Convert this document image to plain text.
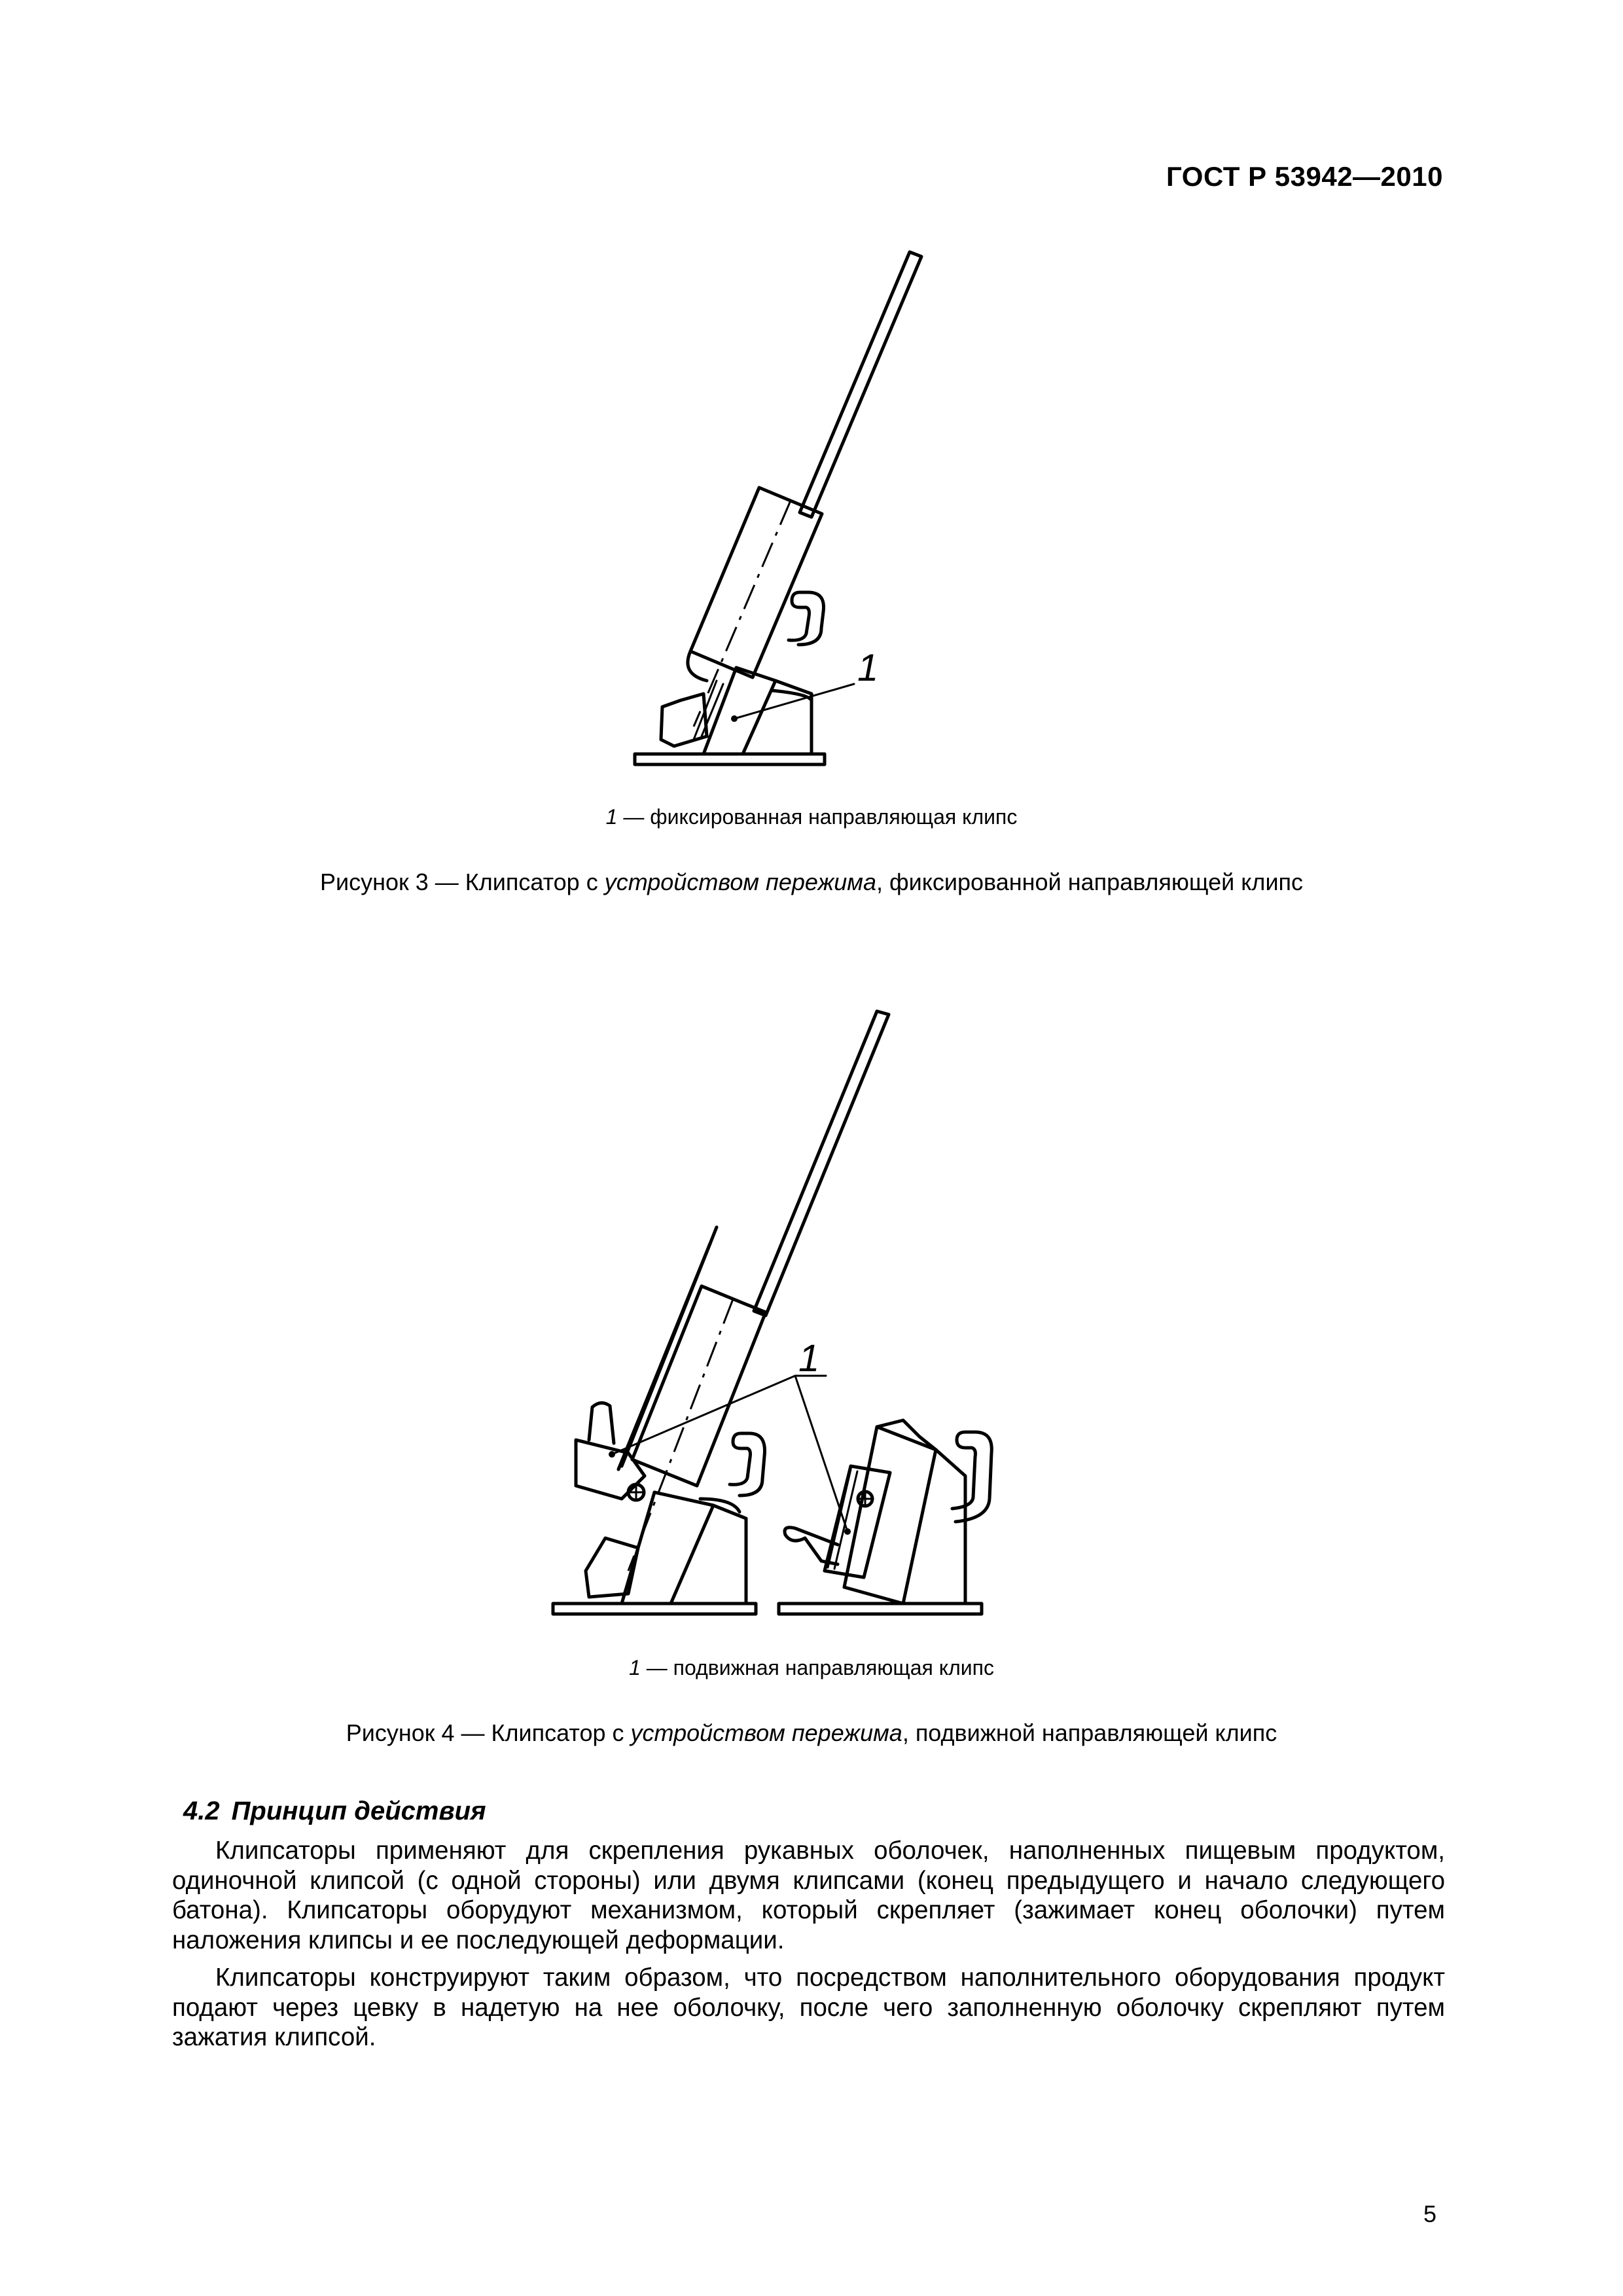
ГОСТ Р 53942—2010
1
1 — фиксированная направляющая клипс
Рисунок 3 — Клипсатор с устройством пережима, фиксированной направляющей клипс
1
1 — подвижная направляющая клипс
Рисунок 4 — Клипсатор с устройством пережима, подвижной направляющей клипс
4.2 Принцип действия

Клипсаторы применяют для скрепления рукавных оболочек, наполненных пищевым продуктом, одиночной клипсой (с одной стороны) или двумя клипсами (конец предыдущего и начало следующего батона). Клипсаторы оборудуют механизмом, который скрепляет (зажимает конец оболочки) путем наложения клипсы и ее последующей деформации.

Клипсаторы конструируют таким образом, что посредством наполнительного оборудования продукт подают через цевку в надетую на нее оболочку, после чего заполненную оболочку скрепляют путем зажатия клипсой.

5
